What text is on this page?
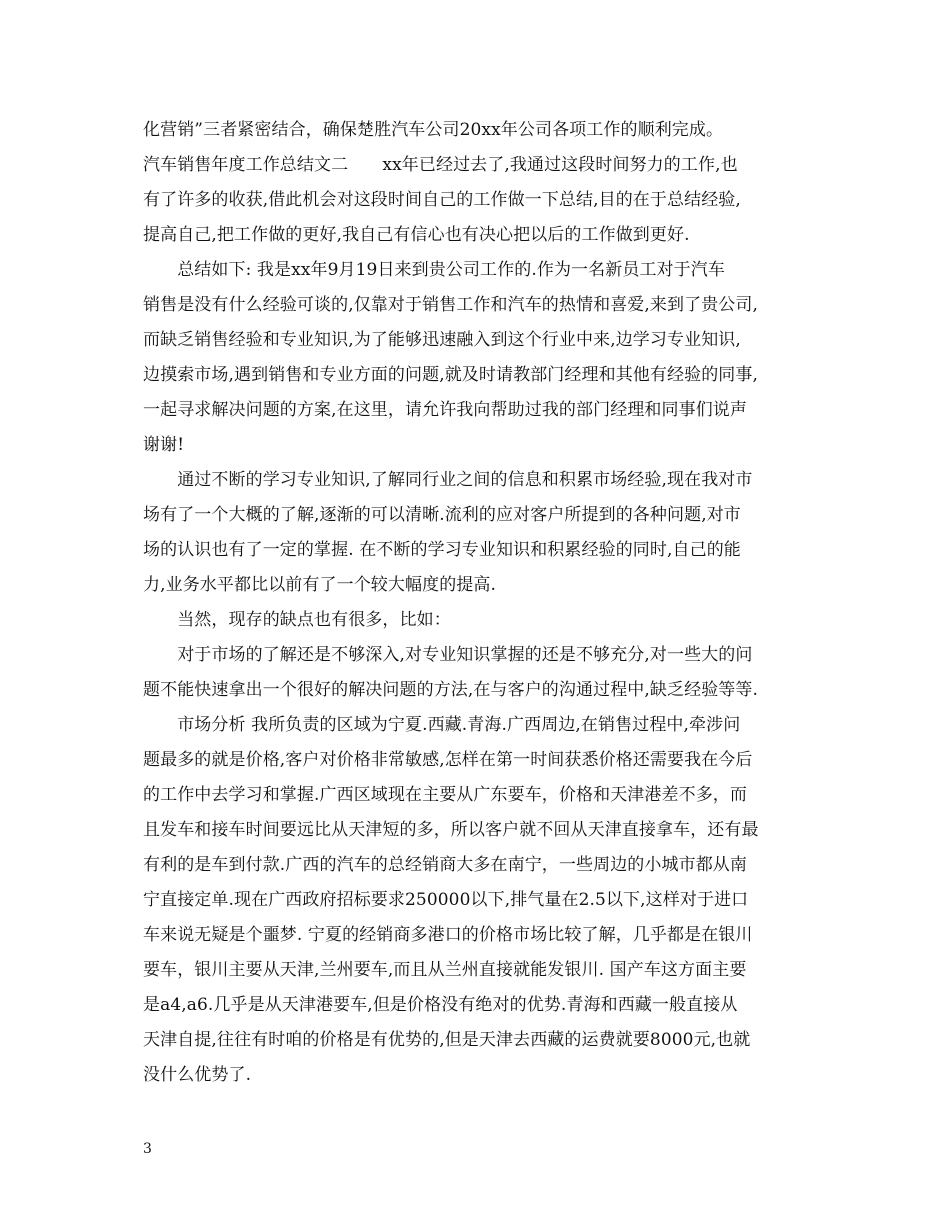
化营销”三者紧密结合，确保楚胜汽车公司20xx年公司各项工作的顺利完成。
汽车销售年度工作总结文二　　xx年已经过去了,我通过这段时间努力的工作,也
有了许多的收获,借此机会对这段时间自己的工作做一下总结,目的在于总结经验,
提高自己,把工作做的更好,我自己有信心也有决心把以后的工作做到更好.
　　总结如下: 我是xx年9月19日来到贵公司工作的.作为一名新员工对于汽车
销售是没有什么经验可谈的,仅靠对于销售工作和汽车的热情和喜爱,来到了贵公司,
而缺乏销售经验和专业知识,为了能够迅速融入到这个行业中来,边学习专业知识,
边摸索市场,遇到销售和专业方面的问题,就及时请教部门经理和其他有经验的同事,
一起寻求解决问题的方案,在这里，请允许我向帮助过我的部门经理和同事们说声
谢谢!
　　通过不断的学习专业知识,了解同行业之间的信息和积累市场经验,现在我对市
场有了一个大概的了解,逐渐的可以清晰.流利的应对客户所提到的各种问题,对市
场的认识也有了一定的掌握. 在不断的学习专业知识和积累经验的同时,自己的能
力,业务水平都比以前有了一个较大幅度的提高.
　　当然，现存的缺点也有很多，比如：
　　对于市场的了解还是不够深入,对专业知识掌握的还是不够充分,对一些大的问
题不能快速拿出一个很好的解决问题的方法,在与客户的沟通过程中,缺乏经验等等.
　　市场分析 我所负责的区域为宁夏.西藏.青海.广西周边,在销售过程中,牵涉问
题最多的就是价格,客户对价格非常敏感,怎样在第一时间获悉价格还需要我在今后
的工作中去学习和掌握.广西区域现在主要从广东要车，价格和天津港差不多，而
且发车和接车时间要远比从天津短的多，所以客户就不回从天津直接拿车，还有最
有利的是车到付款.广西的汽车的总经销商大多在南宁，一些周边的小城市都从南
宁直接定单.现在广西政府招标要求250000以下,排气量在2.5以下,这样对于进口
车来说无疑是个噩梦. 宁夏的经销商多港口的价格市场比较了解，几乎都是在银川
要车，银川主要从天津,兰州要车,而且从兰州直接就能发银川. 国产车这方面主要
是a4,a6.几乎是从天津港要车,但是价格没有绝对的优势.青海和西藏一般直接从
天津自提,往往有时咱的价格是有优势的,但是天津去西藏的运费就要8000元,也就
没什么优势了.
3
